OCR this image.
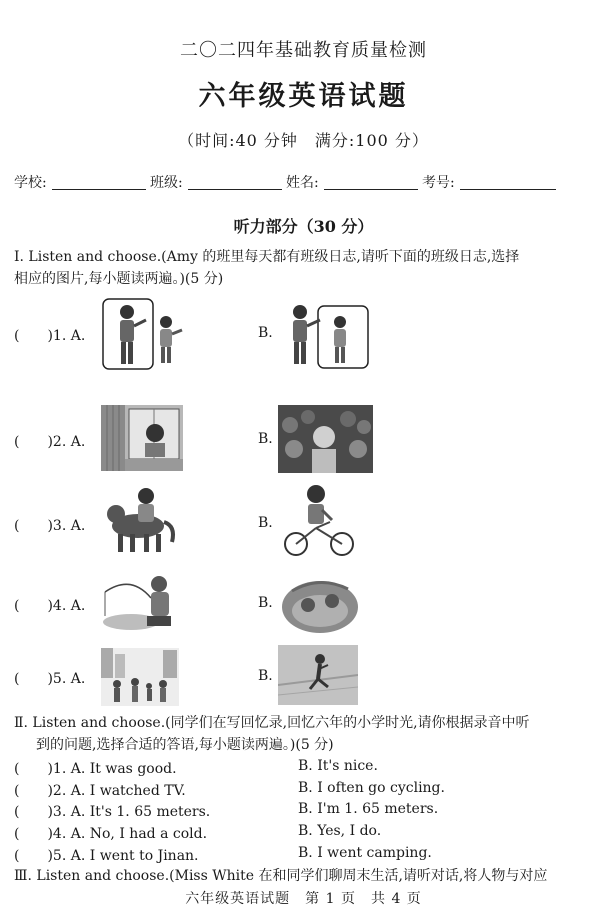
二〇二四年基础教育质量检测
六年级英语试题
（时间:40 分钟　满分:100 分）
学校:	班级:	姓名:	考号:
听力部分（30 分）
Ⅰ. Listen and choose.(Amy 的班里每天都有班级日志,请听下面的班级日志,选择
相应的图片,每小题读两遍。)(5 分)
(　　)1. A.	B.
(　　)2. A.	B.
(　　)3. A.	B.
(　　)4. A.	B.
(　　)5. A.	B.
Ⅱ. Listen and choose.(同学们在写回忆录,回忆六年的小学时光,请你根据录音中听
到的问题,选择合适的答语,每小题读两遍。)(5 分)
(　　)1. A. It was good.	B. It's nice.
(　　)2. A. I watched TV.	B. I often go cycling.
(　　)3. A. It's 1. 65 meters.	B. I'm 1. 65 meters.
(　　)4. A. No, I had a cold.	B. Yes, I do.
(　　)5. A. I went to Jinan.	B. I went camping.
Ⅲ. Listen and choose.(Miss White 在和同学们聊周末生活,请听对话,将人物与对应
六年级英语试题　第 1 页　共 4 页
